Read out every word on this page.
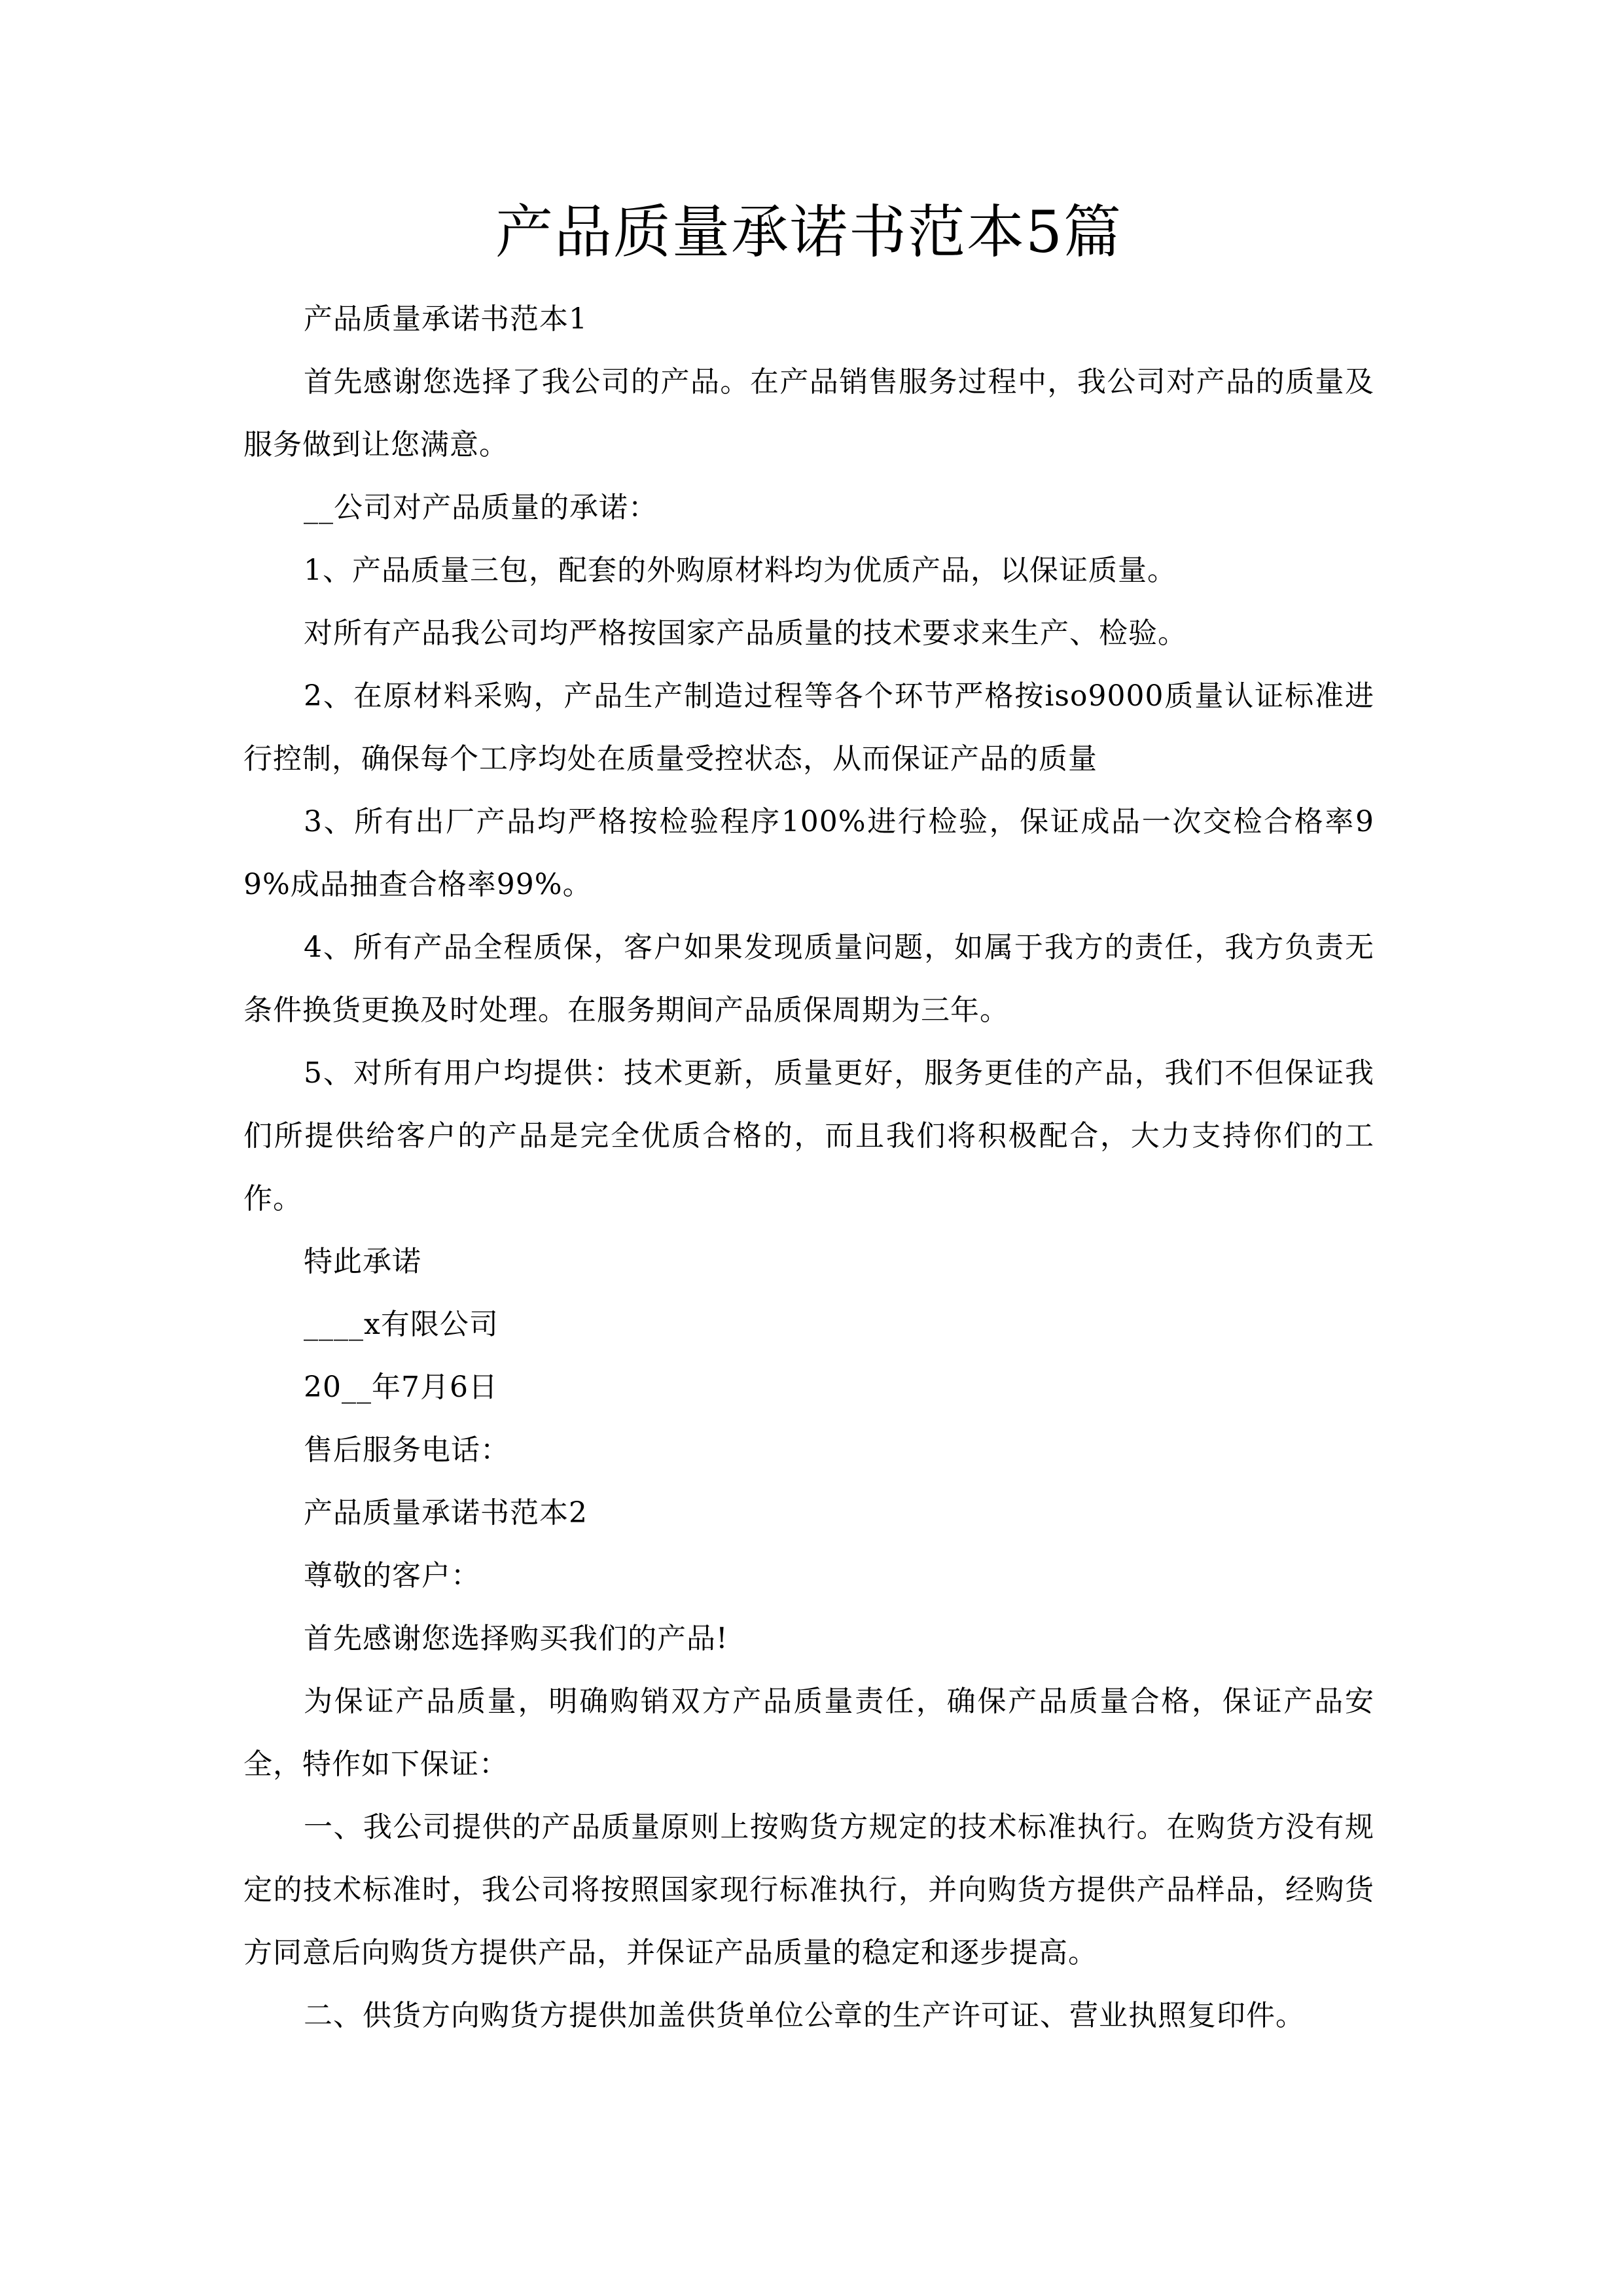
产品质量承诺书范本5篇

产品质量承诺书范本1

首先感谢您选择了我公司的产品。在产品销售服务过程中，我公司对产品的质量及服务做到让您满意。

__公司对产品质量的承诺：

1、产品质量三包，配套的外购原材料均为优质产品，以保证质量。

对所有产品我公司均严格按国家产品质量的技术要求来生产、检验。

2、在原材料采购，产品生产制造过程等各个环节严格按iso9000质量认证标准进行控制，确保每个工序均处在质量受控状态，从而保证产品的质量

3、所有出厂产品均严格按检验程序100%进行检验，保证成品一次交检合格率99%成品抽查合格率99%。

4、所有产品全程质保，客户如果发现质量问题，如属于我方的责任，我方负责无条件换货更换及时处理。在服务期间产品质保周期为三年。

5、对所有用户均提供：技术更新，质量更好，服务更佳的产品，我们不但保证我们所提供给客户的产品是完全优质合格的，而且我们将积极配合，大力支持你们的工作。

特此承诺

____x有限公司

20__年7月6日

售后服务电话：

产品质量承诺书范本2

尊敬的客户：

首先感谢您选择购买我们的产品!

为保证产品质量，明确购销双方产品质量责任，确保产品质量合格，保证产品安全，特作如下保证：

一、我公司提供的产品质量原则上按购货方规定的技术标准执行。在购货方没有规定的技术标准时，我公司将按照国家现行标准执行，并向购货方提供产品样品，经购货方同意后向购货方提供产品，并保证产品质量的稳定和逐步提高。

二、供货方向购货方提供加盖供货单位公章的生产许可证、营业执照复印件。
